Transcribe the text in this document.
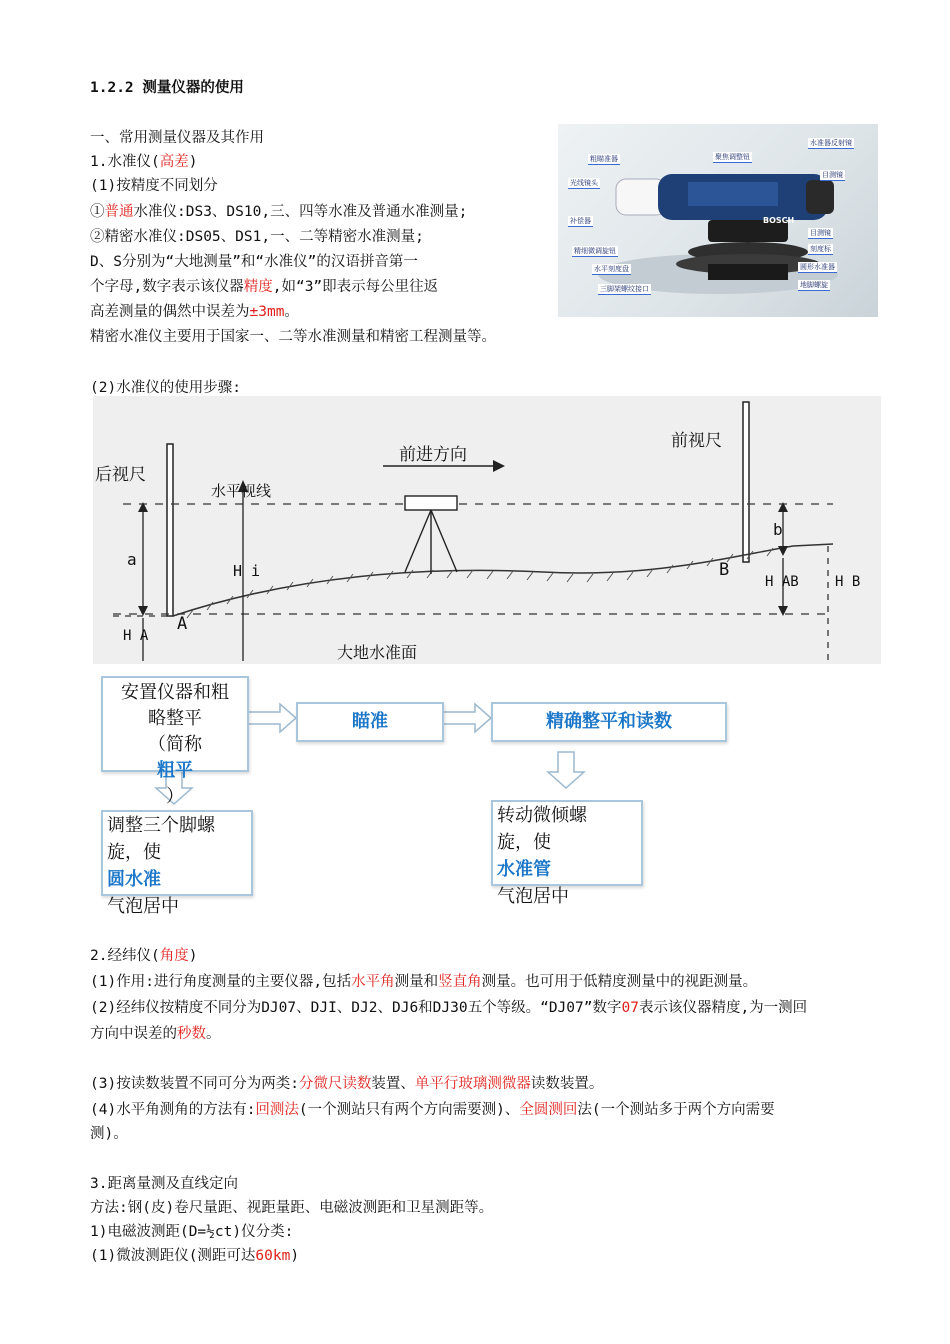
1.2.2 测量仪器的使用
一、常用测量仪器及其作用
1.水准仪(高差)
(1)按精度不同划分
①普通水准仪:DS3、DS10,三、四等水准及普通水准测量;
②精密水准仪:DS05、DS1,一、二等精密水准测量;
D、S分别为“大地测量”和“水准仪”的汉语拼音第一
个字母,数字表示该仪器精度,如“3”即表示每公里往返
高差测量的偶然中误差为±3mm。
精密水准仪主要用于国家一、二等水准测量和精密工程测量等。
BOSCH
粗瞄准器
光线镜头
补偿器
精细微调旋钮
水平刻度盘
三脚架螺纹接口
聚焦调整钮
水准器反射镜
目测镜
目测镜
刻度标
圆形水准器
地脚螺旋
(2)水准仪的使用步骤:
后视尺
前视尺
前进方向
水平视线
a
H i
H A
A
B
b
H AB	H B
大地水准面
安置仪器和粗
略整平
（简称
粗平
）
瞄准	精确整平和读数
调整三个脚螺
旋，使
圆水准
气泡居中
转动微倾螺
旋，使
水准管
气泡居中
2.经纬仪(角度)
(1)作用:进行角度测量的主要仪器,包括水平角测量和竖直角测量。也可用于低精度测量中的视距测量。
(2)经纬仪按精度不同分为DJ07、DJI、DJ2、DJ6和DJ30五个等级。“DJ07”数字07表示该仪器精度,为一测回
方向中误差的秒数。
(3)按读数装置不同可分为两类:分微尺读数装置、单平行玻璃测微器读数装置。
(4)水平角测角的方法有:回测法(一个测站只有两个方向需要测)、全圆测回法(一个测站多于两个方向需要
测)。
3.距离量测及直线定向
方法:钢(皮)卷尺量距、视距量距、电磁波测距和卫星测距等。
1)电磁波测距(D=½ct)仪分类:
(1)微波测距仪(测距可达60km)
